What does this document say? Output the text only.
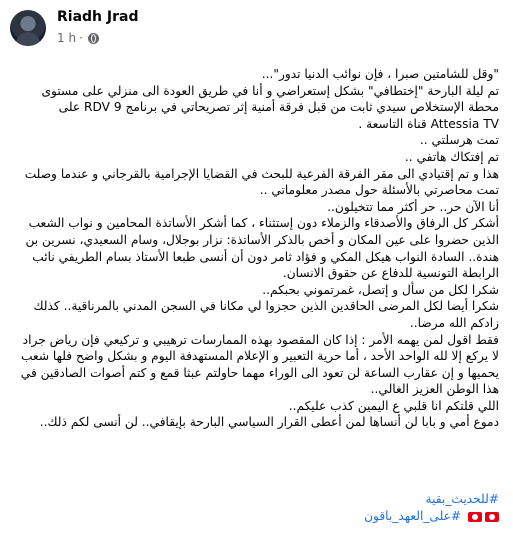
Riadh Jrad
1 h ·

"وقل للشامتين صبرا ، فإن نوائب الدنيا تدور"...

تم ليلة البارحة "إختطافي" بشكل إستعراضي و أنا في طريق العودة الى منزلي على مستوى محطة الإستخلاص سيدي ثابت من قبل فرقة أمنية إثر تصريحاتي في برنامج RDV 9 على Attessia TV قناة التاسعة .

تمت هرسلتي ..

تم إفتكاك هاتفي ..

هذا و تم إقتيادي الى مقر الفرقة الفرعية للبحث في القضايا الإجرامية بالقرجاني و عندما وصلت تمت محاصرتي بالأسئلة حول مصدر معلوماتي ..

أنا الآن حر.. حر أكثر مما تتخيلون..

أشكر كل الرفاق والأصدقاء والزملاء دون إستثناء ، كما أشكر الأساتذة المحامين و نواب الشعب الذين حضروا على عين المكان و أخص بالذكر الأساتذة: نزار بوجلال، وسام السعيدي، نسرين بن هندة.. السادة النواب هيكل المكي و فؤاد ثامر دون أن أنسى طبعا الأستاذ بسام الطريفي نائب الرابطة التونسية للدفاع عن حقوق الانسان.

شكرا لكل من سأل و إتصل، غمرتموني بحبكم..

شكرا أيضا لكل المرضى الحاقدين الذين حجزوا لي مكانا في السجن المدني بالمرناقية.. كذلك زادكم الله مرضا..

فقط اقول لمن يهمه الأمر : إذا كان المقصود بهذه الممارسات ترهيبي و تركيعي فإن رياض جراد لا يركع إلا لله الواحد الأحد ، أما حرية التعبير و الإعلام المستهدفة اليوم و بشكل واضح فلها شعب يحميها و إن عقارب الساعة لن تعود الى الوراء مهما حاولتم عبثا قمع و كتم أصوات الصادقين في هذا الوطن العزيز الغالي..

اللي قلتكم انا قلبي ع اليمين كذب عليكم..

دموع أمي و بابا لن أنساها لمن أعطى القرار السياسي البارحة بإيقافي.. لن أنسى لكم ذلك..

#للحديث_بقية
#على_العهد_باقون
